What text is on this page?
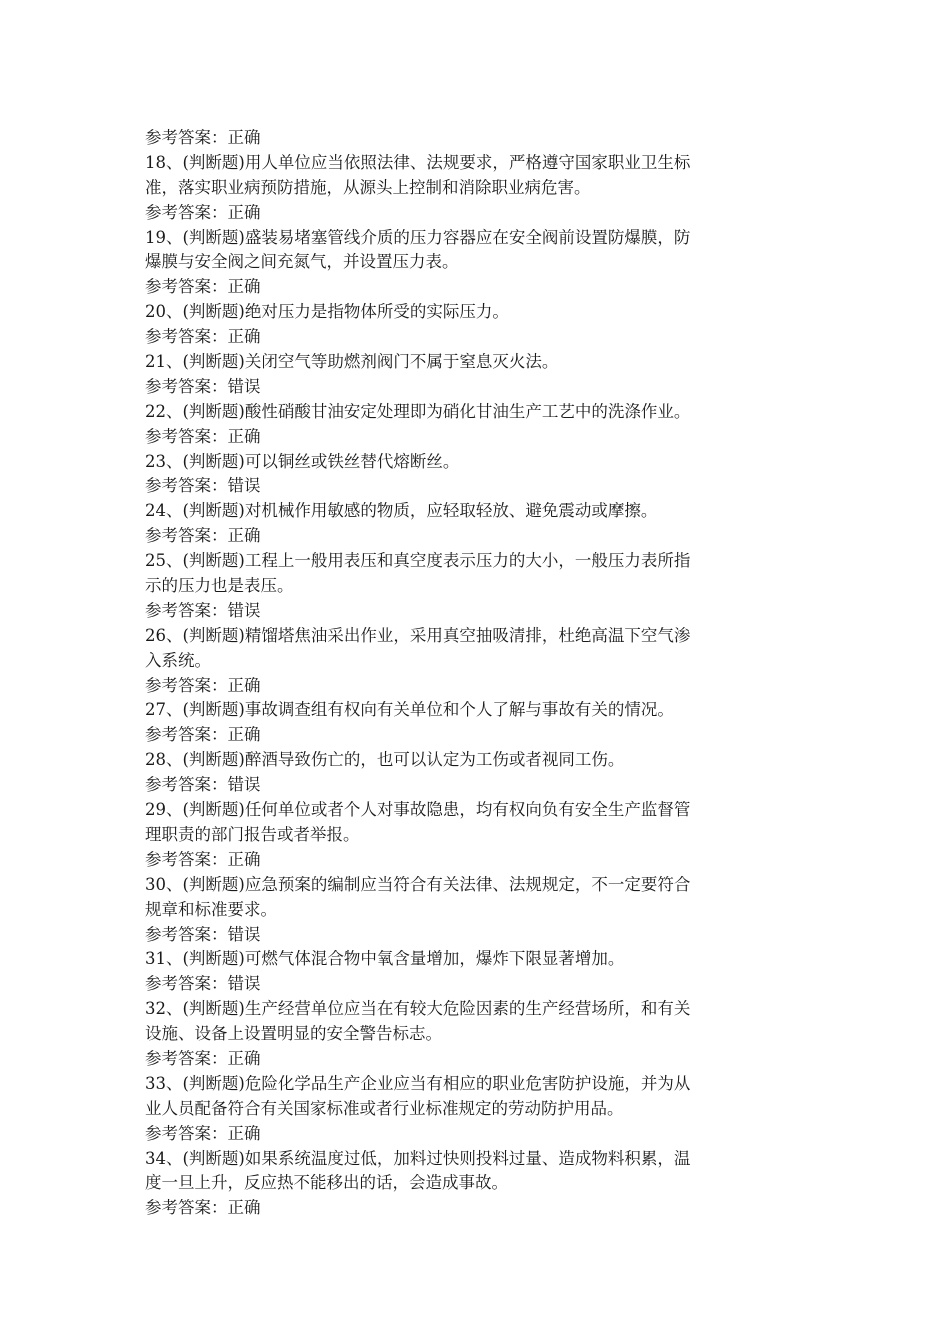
参考答案：正确
18、(判断题)用人单位应当依照法律、法规要求，严格遵守国家职业卫生标
准，落实职业病预防措施，从源头上控制和消除职业病危害。
参考答案：正确
19、(判断题)盛装易堵塞管线介质的压力容器应在安全阀前设置防爆膜，防
爆膜与安全阀之间充氮气，并设置压力表。
参考答案：正确
20、(判断题)绝对压力是指物体所受的实际压力。
参考答案：正确
21、(判断题)关闭空气等助燃剂阀门不属于窒息灭火法。
参考答案：错误
22、(判断题)酸性硝酸甘油安定处理即为硝化甘油生产工艺中的洗涤作业。
参考答案：正确
23、(判断题)可以铜丝或铁丝替代熔断丝。
参考答案：错误
24、(判断题)对机械作用敏感的物质，应轻取轻放、避免震动或摩擦。
参考答案：正确
25、(判断题)工程上一般用表压和真空度表示压力的大小，一般压力表所指
示的压力也是表压。
参考答案：错误
26、(判断题)精馏塔焦油采出作业，采用真空抽吸清排，杜绝高温下空气渗
入系统。
参考答案：正确
27、(判断题)事故调查组有权向有关单位和个人了解与事故有关的情况。
参考答案：正确
28、(判断题)醉酒导致伤亡的，也可以认定为工伤或者视同工伤。
参考答案：错误
29、(判断题)任何单位或者个人对事故隐患，均有权向负有安全生产监督管
理职责的部门报告或者举报。
参考答案：正确
30、(判断题)应急预案的编制应当符合有关法律、法规规定，不一定要符合
规章和标准要求。
参考答案：错误
31、(判断题)可燃气体混合物中氧含量增加，爆炸下限显著增加。
参考答案：错误
32、(判断题)生产经营单位应当在有较大危险因素的生产经营场所，和有关
设施、设备上设置明显的安全警告标志。
参考答案：正确
33、(判断题)危险化学品生产企业应当有相应的职业危害防护设施，并为从
业人员配备符合有关国家标准或者行业标准规定的劳动防护用品。
参考答案：正确
34、(判断题)如果系统温度过低，加料过快则投料过量、造成物料积累，温
度一旦上升，反应热不能移出的话，会造成事故。
参考答案：正确
